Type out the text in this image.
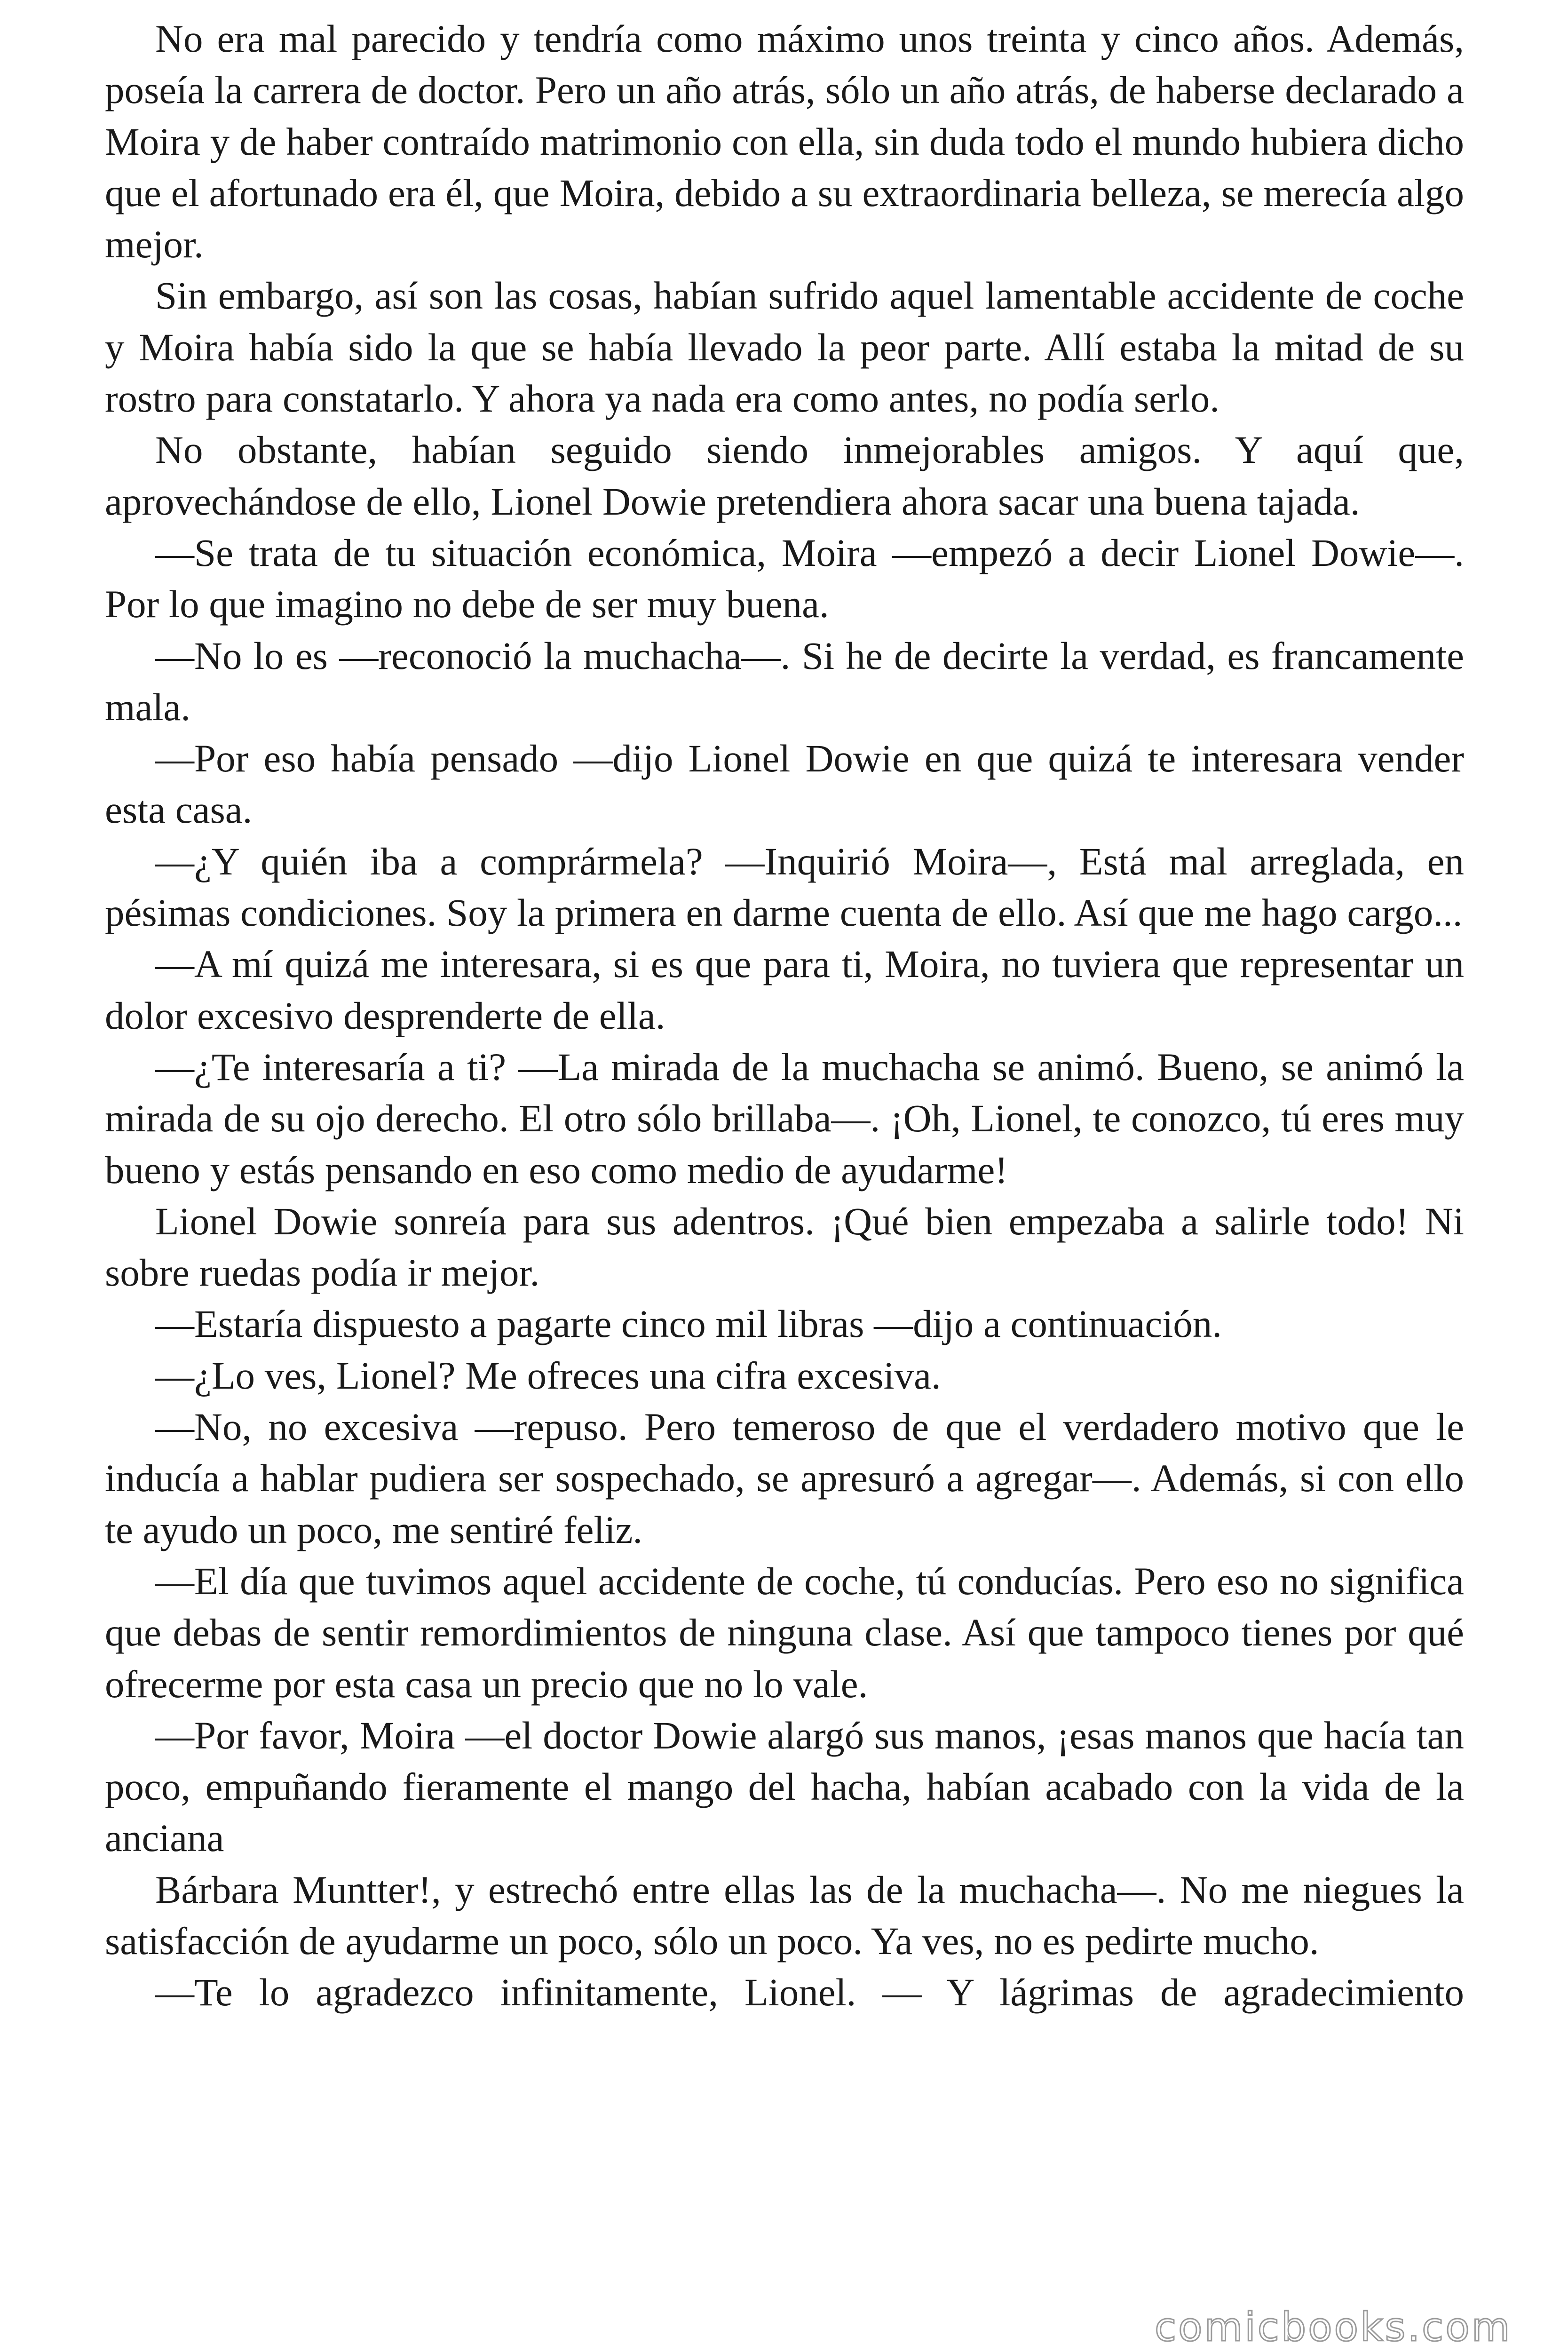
No era mal parecido y tendría como máximo unos treinta y cinco años. Además, poseía la carrera de doctor. Pero un año atrás, sólo un año atrás, de haberse declarado a Moira y de haber contraído matrimonio con ella, sin duda todo el mundo hubiera dicho que el afortunado era él, que Moira, debido a su extraordinaria belleza, se merecía algo mejor.

Sin embargo, así son las cosas, habían sufrido aquel lamentable accidente de coche y Moira había sido la que se había llevado la peor parte. Allí estaba la mitad de su rostro para constatarlo. Y ahora ya nada era como antes, no podía serlo.

No obstante, habían seguido siendo inmejorables amigos. Y aquí que, aprovechándose de ello, Lionel Dowie pretendiera ahora sacar una buena tajada.

—Se trata de tu situación económica, Moira —empezó a decir Lionel Dowie—. Por lo que imagino no debe de ser muy buena.

—No lo es —reconoció la muchacha—. Si he de decirte la verdad, es francamente mala.

—Por eso había pensado —dijo Lionel Dowie en que quizá te interesara vender esta casa.

—¿Y quién iba a comprármela? —Inquirió Moira—, Está mal arreglada, en pésimas condiciones. Soy la primera en darme cuenta de ello. Así que me hago cargo...

—A mí quizá me interesara, si es que para ti, Moira, no tuviera que representar un dolor excesivo desprenderte de ella.

—¿Te interesaría a ti? —La mirada de la muchacha se animó. Bueno, se animó la mirada de su ojo derecho. El otro sólo brillaba—. ¡Oh, Lionel, te conozco, tú eres muy bueno y estás pensando en eso como medio de ayudarme!

Lionel Dowie sonreía para sus adentros. ¡Qué bien empezaba a salirle todo! Ni sobre ruedas podía ir mejor.

—Estaría dispuesto a pagarte cinco mil libras —dijo a continuación.

—¿Lo ves, Lionel? Me ofreces una cifra excesiva.

—No, no excesiva —repuso. Pero temeroso de que el verdadero motivo que le inducía a hablar pudiera ser sospechado, se apresuró a agregar—. Además, si con ello te ayudo un poco, me sentiré feliz.

—El día que tuvimos aquel accidente de coche, tú conducías. Pero eso no significa que debas de sentir remordimientos de ninguna clase. Así que tampoco tienes por qué ofrecerme por esta casa un precio que no lo vale.

—Por favor, Moira —el doctor Dowie alargó sus manos, ¡esas manos que hacía tan poco, empuñando fieramente el mango del hacha, habían acabado con la vida de la anciana

Bárbara Muntter!, y estrechó entre ellas las de la muchacha—. No me niegues la satisfacción de ayudarme un poco, sólo un poco. Ya ves, no es pedirte mucho.

—Te lo agradezco infinitamente, Lionel. — Y lágrimas de agradecimiento

comicbooks.com
